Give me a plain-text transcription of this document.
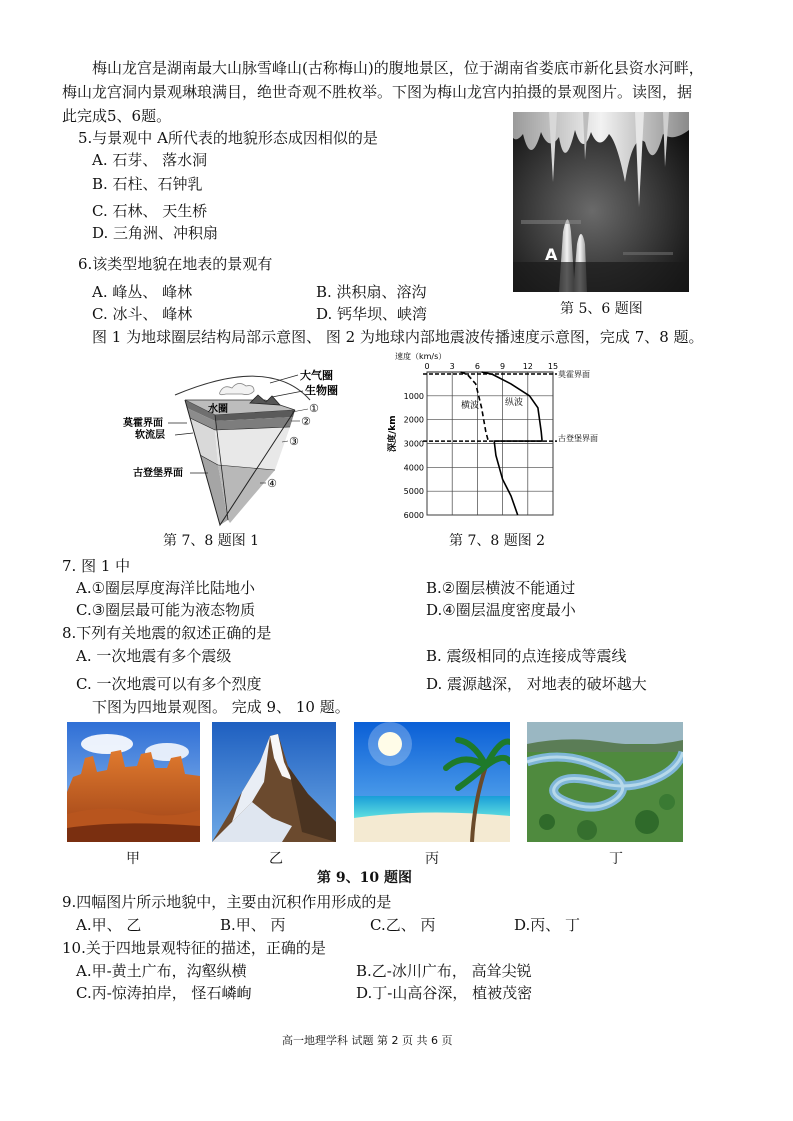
梅山龙宫是湖南最大山脉雪峰山(古称梅山)的腹地景区，位于湖南省娄底市新化县资水河畔，
梅山龙宫洞内景观琳琅满目，绝世奇观不胜枚举。下图为梅山龙宫内拍摄的景观图片。读图，据
此完成5、6题。
5.与景观中 A所代表的地貌形态成因相似的是
A. 石芽、 落水洞
B. 石柱、石钟乳
C. 石林、 天生桥
D. 三角洲、冲积扇
6.该类型地貌在地表的景观有
A. 峰丛、 峰林	B. 洪积扇、溶沟
C. 冰斗、 峰林	D. 钙华坝、峡湾
A
第 5、6 题图
图 1 为地球圈层结构局部示意图、 图 2 为地球内部地震波传播速度示意图，完成 7、8 题。
大气圈
生物圈
水圈
莫霍界面
软流层
古登堡界面
①
②
③
④
第 7、8 题图 1
速度（km/s）
0	3	6	9 12 15
1000
2000
3000
4000
5000
6000
深度/km
横波	纵波
莫霍界面
古登堡界面
第 7、8 题图 2
7. 图 1 中
A.①圈层厚度海洋比陆地小	B.②圈层横波不能通过
C.③圈层最可能为液态物质	D.④圈层温度密度最小
8.下列有关地震的叙述正确的是
A. 一次地震有多个震级	B. 震级相同的点连接成等震线
C. 一次地震可以有多个烈度	D. 震源越深， 对地表的破坏越大
下图为四地景观图。 完成 9、 10 题。
甲	乙	丙	丁
第 9、10 题图
9.四幅图片所示地貌中，主要由沉积作用形成的是
A.甲、 乙	B.甲、 丙	C.乙、 丙	D.丙、 丁
10.关于四地景观特征的描述，正确的是
A.甲-黄土广布，沟壑纵横	B.乙-冰川广布， 高耸尖锐
C.丙-惊涛拍岸， 怪石嶙峋	D.丁-山高谷深， 植被茂密
高一地理学科 试题 第 2 页 共 6 页
